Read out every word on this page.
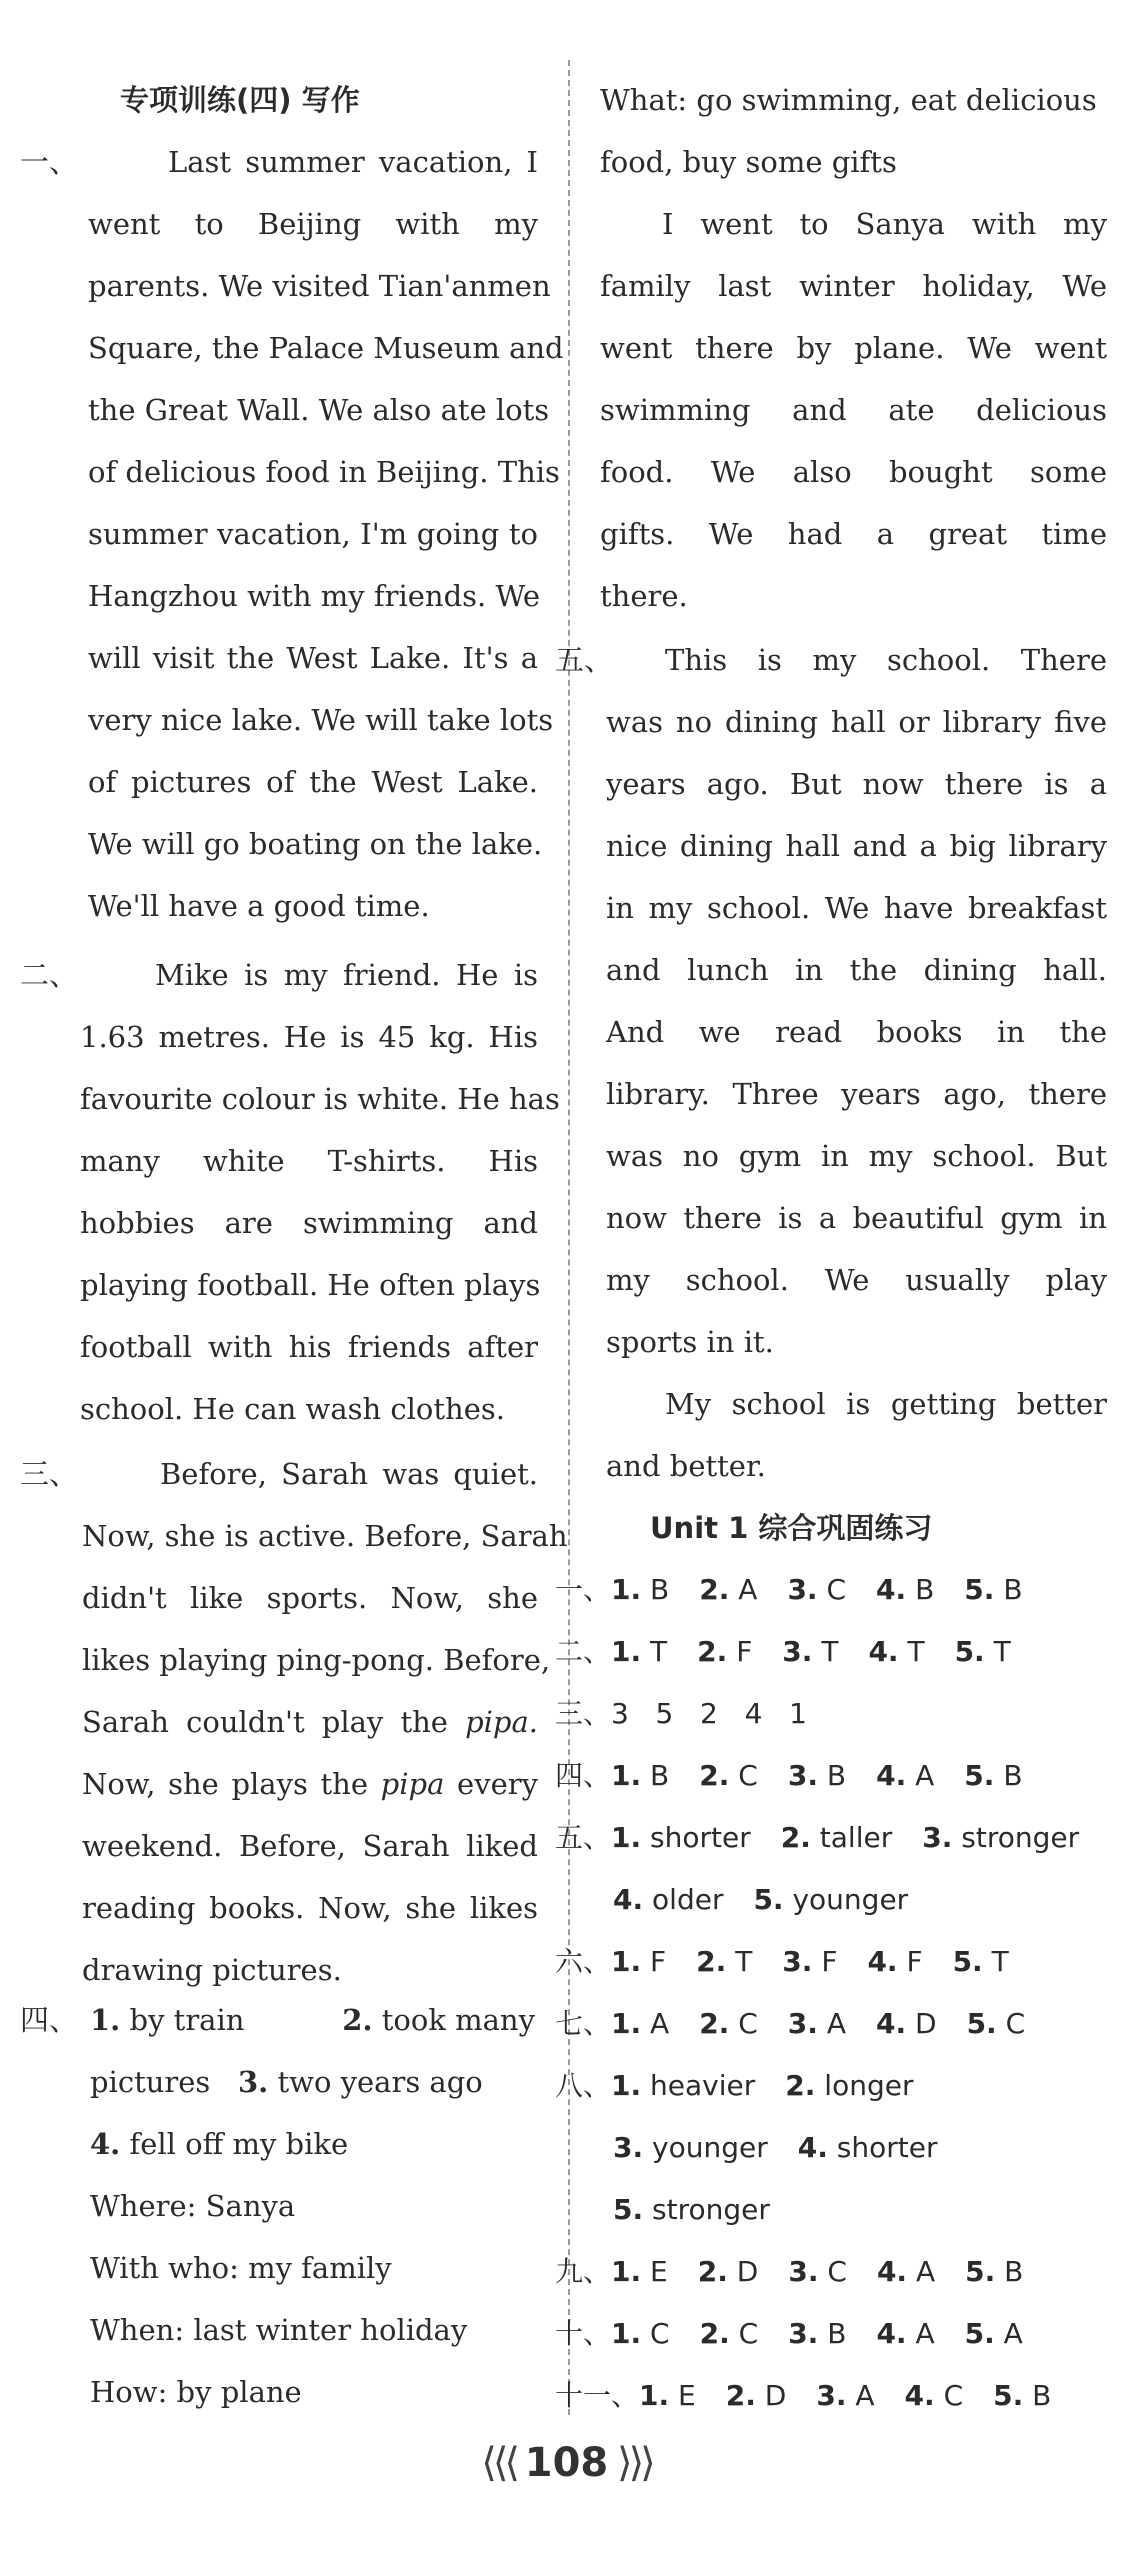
专项训练(四) 写作
一、	Last summer vacation, I
went to Beijing with my
parents. We visited Tian'anmen
Square, the Palace Museum and
the Great Wall. We also ate lots
of delicious food in Beijing. This
summer vacation, I'm going to
Hangzhou with my friends. We
will visit the West Lake. It's a
very nice lake. We will take lots
of pictures of the West Lake.
We will go boating on the lake.
We'll have a good time.
二、	Mike is my friend. He is
1.63 metres. He is 45 kg. His
favourite colour is white. He has
many white T-shirts. His
hobbies are swimming and
playing football. He often plays
football with his friends after
school. He can wash clothes.
三、	Before, Sarah was quiet.
Now, she is active. Before, Sarah
didn't like sports. Now, she
likes playing ping-pong. Before,
Sarah couldn't play the pipa.
Now, she plays the pipa every
weekend. Before, Sarah liked
reading books. Now, she likes
drawing pictures.
四、 1. by train	2. took many
pictures 3. two years ago
4. fell off my bike
Where: Sanya
With who: my family
When: last winter holiday
How: by plane
What: go swimming, eat delicious
food, buy some gifts
I went to Sanya with my
family last winter holiday, We
went there by plane. We went
swimming and ate delicious
food. We also bought some
gifts. We had a great time
there.
五、	This is my school. There
was no dining hall or library five
years ago. But now there is a
nice dining hall and a big library
in my school. We have breakfast
and lunch in the dining hall.
And we read books in the
library. Three years ago, there
was no gym in my school. But
now there is a beautiful gym in
my school. We usually play
sports in it.
My school is getting better
and better.
Unit 1 综合巩固练习
一、1. B 2. A 3. C 4. B 5. B
二、1. T 2. F 3. T 4. T 5. T
三、3   5   2   4   1
四、1. B 2. C 3. B 4. A 5. B
五、1. shorter 2. taller 3. stronger
4. older 5. younger
六、1. F 2. T 3. F 4. F 5. T
七、1. A 2. C 3. A 4. D 5. C
八、1. heavier 2. longer
3. younger 4. shorter
5. stronger
九、1. E 2. D 3. C 4. A 5. B
十、1. C 2. C 3. B 4. A 5. A
十一、1. E 2. D 3. A 4. C 5. B
⟨⟨⟨ 108 ⟩⟩⟩
